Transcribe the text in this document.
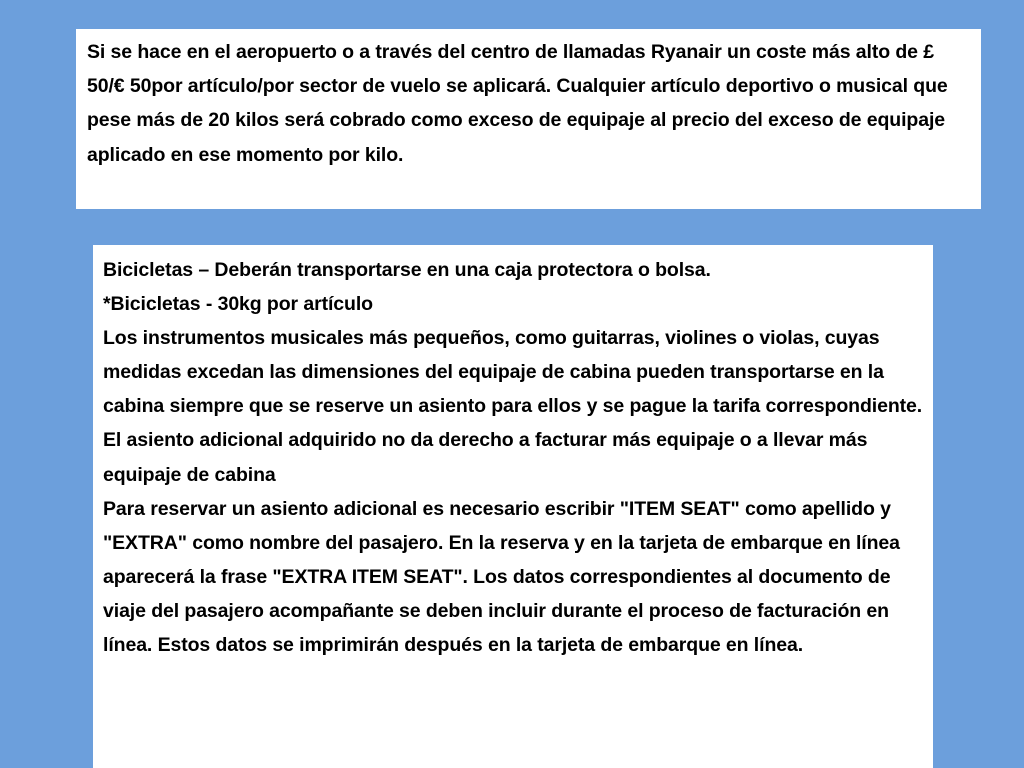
Si se hace en el aeropuerto o a través del centro de llamadas Ryanair un coste más alto de £ 50/€ 50por artículo/por sector de vuelo se aplicará. Cualquier artículo deportivo o musical que pese más de 20 kilos será cobrado como exceso de equipaje al precio del exceso de equipaje aplicado en ese momento por kilo.

Bicicletas – Deberán transportarse en una caja protectora o bolsa.

*Bicicletas - 30kg por artículo

Los instrumentos musicales más pequeños, como guitarras, violines o violas, cuyas medidas excedan las dimensiones del equipaje de cabina pueden transportarse en la cabina siempre que se reserve un asiento para ellos y se pague la tarifa correspondiente. El asiento adicional adquirido no da derecho a facturar más equipaje o a llevar más equipaje de cabina

Para reservar un asiento adicional es necesario escribir "ITEM SEAT" como apellido y "EXTRA" como nombre del pasajero. En la reserva y en la tarjeta de embarque en línea aparecerá la frase "EXTRA ITEM SEAT". Los datos correspondientes al documento de viaje del pasajero acompañante se deben incluir durante el proceso de facturación en línea. Estos datos se imprimirán después en la tarjeta de embarque en línea.
